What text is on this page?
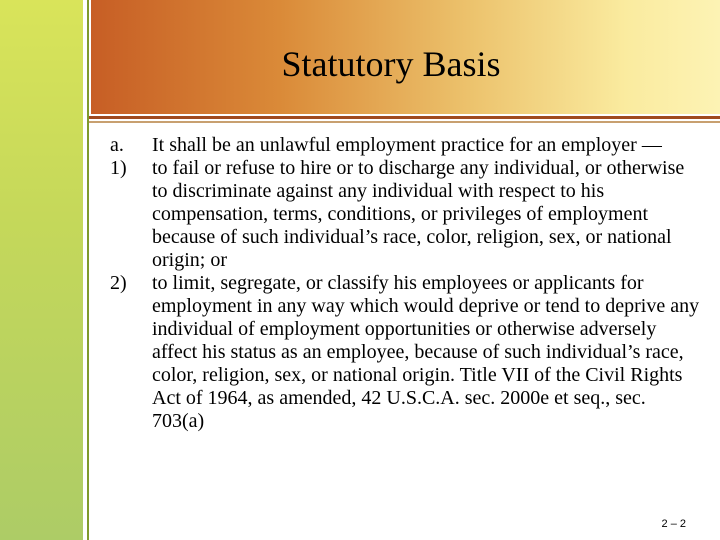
Statutory Basis
a.	It shall be an unlawful employment practice for an employer —
1)	to fail or refuse to hire or to discharge any individual, or otherwise to discriminate against any individual with respect to his compensation, terms, conditions, or privileges of employment because of such individual’s race, color, religion, sex, or national origin; or
2)	to limit, segregate, or classify his employees or applicants for employment in any way which would deprive or tend to deprive any individual of employment opportunities or otherwise adversely affect his status as an employee, because of such individual’s race, color, religion, sex, or national origin. Title VII of the Civil Rights Act of 1964, as amended, 42 U.S.C.A. sec. 2000e et seq., sec. 703(a)
2 – 2
